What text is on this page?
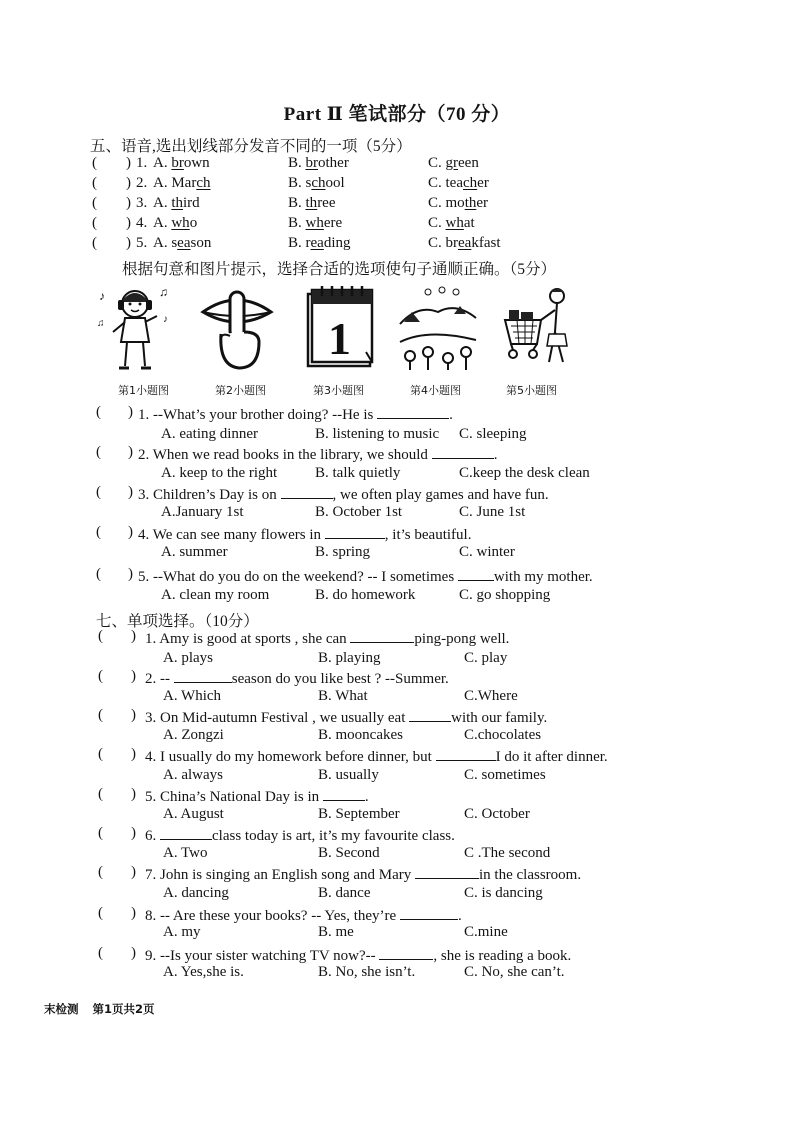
Part Ⅱ 笔试部分（70 分）
五、语音,选出划线部分发音不同的一项（5分）
( ) 1. A. brown	B. brother	C. green
( ) 2. A. March	B. school	C. teacher
( ) 3. A. third	B. three	C. mother
( ) 4. A. who	B. where	C. what
( ) 5. A. season	B. reading	C. breakfast
根据句意和图片提示，选择合适的选项使句子通顺正确。（5分）
♪	♫
♪
♫	1
第1小题图	第2小题图	第3小题图	第4小题图	第5小题图
( ) 1. --What’s your brother doing? --He is	.
A. eating dinner	B. listening to music C. sleeping
( ) 2. When we read books in the library, we should	.
A. keep to the right	B. talk quietly	C.keep the desk clean
( ) 3. Children’s Day is on	, we often play games and have fun.
A.January 1st	B. October 1st	C. June 1st
( ) 4. We can see many flowers in	, it’s beautiful.
A. summer	B. spring	C. winter
( ) 5. --What do you do on the weekend? -- I sometimes	with my mother.
A. clean my room	B. do homework	C. go shopping
七、单项选择。（10分）
( ) 1. Amy is good at sports , she can	ping-pong well.
A. plays	B. playing	C. play
( ) 2. --	season do you like best ? --Summer.
A. Which	B. What	C.Where
( ) 3. On Mid-autumn Festival , we usually eat	with our family.
A. Zongzi	B. mooncakes	C.chocolates
( ) 4. I usually do my homework before dinner, but	I do it after dinner.
A. always	B. usually	C. sometimes
( ) 5. China’s National Day is in	.
A. August	B. September	C. October
( ) 6.	class today is art, it’s my favourite class.
A. Two	B. Second	C .The second
( ) 7. John is singing an English song and Mary	in the classroom.
A. dancing	B. dance	C. is dancing
( ) 8. -- Are these your books? -- Yes, they’re	.
A. my	B. me	C.mine
( ) 9. --Is your sister watching TV now?--	, she is reading a book.
A. Yes,she is.	B. No, she isn’t.	C. No, she can’t.
末检测 第1页共2页
